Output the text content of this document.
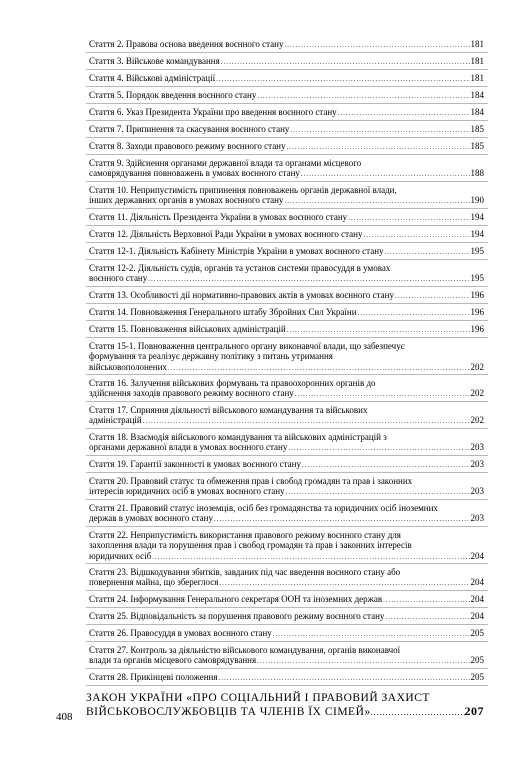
Стаття 2. Правова основа введення воєнного стану .....	181
Стаття 3. Військове командування .....	181
Стаття 4. Військові адміністрації .....	181
Стаття 5. Порядок введення воєнного стану .....	184
Стаття 6. Указ Президента України про введення воєнного стану .....	184
Стаття 7. Припинення та скасування воєнного стану .....	185
Стаття 8. Заходи правового режиму воєнного стану .....	185
Стаття 9. Здійснення органами державної влади та органами місцевого
самоврядування повноважень в умовах воєнного стану .....	188
Стаття 10. Неприпустимість припинення повноважень органів державної влади,
інших державних органів в умовах воєнного стану .....	190
Стаття 11. Діяльність Президента України в умовах воєнного стану .....	194
Стаття 12. Діяльність Верховної Ради України в умовах воєнного стану .....	194
Стаття 12-1. Діяльність Кабінету Міністрів України в умовах воєнного стану .....	195
Стаття 12-2. Діяльність судів, органів та установ системи правосуддя в умовах
воєнного стану .....	195
Стаття 13. Особливості дії нормативно-правових актів в умовах воєнного стану .....	196
Стаття 14. Повноваження Генерального штабу Збройних Сил України .....	196
Стаття 15. Повноваження військових адміністрацій .....	196
Стаття 15-1. Повноваження центрального органу виконавчої влади, що забезпечує
формування та реалізує державну політику з питань утримання
військовополонених .....	202
Стаття 16. Залучення військових формувань та правоохоронних органів до
здійснення заходів правового режиму воєнного стану .....	202
Стаття 17. Сприяння діяльності військового командування та військових
адміністрацій .....	202
Стаття 18. Взаємодія військового командування та військових адміністрацій з
органами державної влади в умовах воєнного стану .....	203
Стаття 19. Гарантії законності в умовах воєнного стану .....	203
Стаття 20. Правовий статус та обмеження прав і свобод громадян та прав і законних
інтересів юридичних осіб в умовах воєнного стану .....	203
Стаття 21. Правовий статус іноземців, осіб без громадянства та юридичних осіб іноземних
держав в умовах воєнного стану .....	203
Стаття 22. Неприпустимість використання правового режиму воєнного стану для
захоплення влади та порушення прав і свобод громадян та прав і законних інтересів
юридичних осіб .....	204
Стаття 23. Відшкодування збитків, завданих під час введення воєнного стану або
повернення майна, що збереглося .....	204
Стаття 24. Інформування Генерального секретаря ООН та іноземних держав .....	204
Стаття 25. Відповідальність за порушення правового режиму воєнного стану .....	204
Стаття 26. Правосуддя в умовах воєнного стану .....	205
Стаття 27. Контроль за діяльністю військового командування, органів виконавчої
влади та органів місцевого самоврядування .....	205
Стаття 28. Прикінцеві положення .....	205
ЗАКОН УКРАЇНИ «ПРО СОЦІАЛЬНИЙ І ПРАВОВИЙ ЗАХИСТ
ВІЙСЬКОВОСЛУЖБОВЦІВ ТА ЧЛЕНІВ ЇХ СІМЕЙ» .....	207
408
